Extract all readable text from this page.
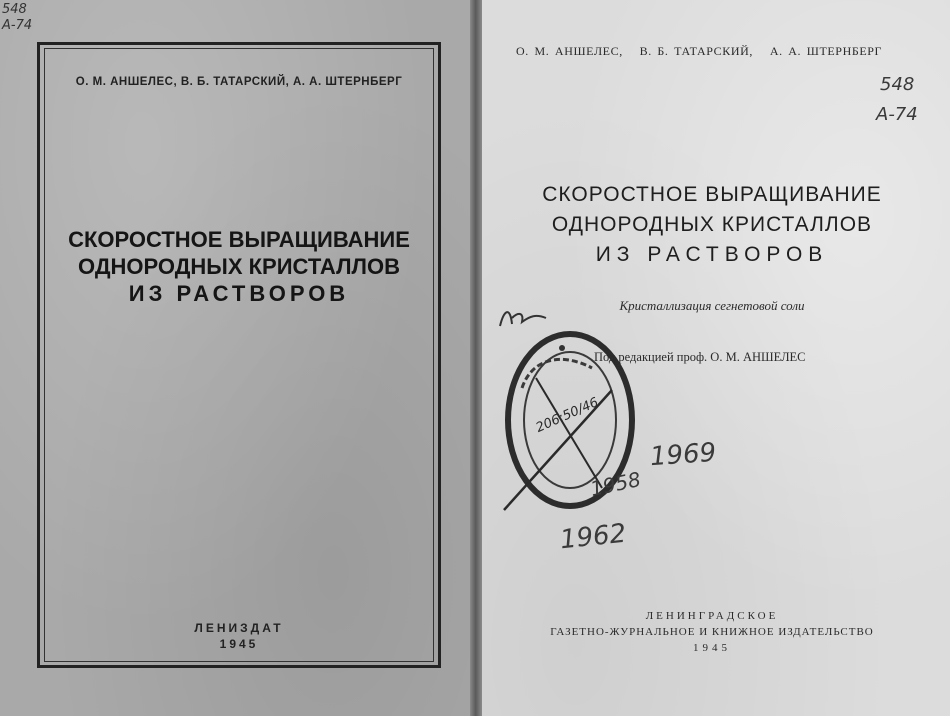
548
А-74
О. М. АНШЕЛЕС, В. Б. ТАТАРСКИЙ, А. А. ШТЕРНБЕРГ
СКОРОСТНОЕ ВЫРАЩИВАНИЕ
ОДНОРОДНЫХ КРИСТАЛЛОВ
ИЗ РАСТВОРОВ
ЛЕНИЗДАТ
1945
О. М. АНШЕЛЕС,   В. Б. ТАТАРСКИЙ,   А. А. ШТЕРНБЕРГ
548
А-74
СКОРОСТНОЕ ВЫРАЩИВАНИЕ
ОДНОРОДНЫХ КРИСТАЛЛОВ
ИЗ РАСТВОРОВ
Кристаллизация сегнетовой соли
206:50/46
Под редакцией проф. О. М. АНШЕЛЕС
1962
1958
1969
ЛЕНИНГРАДСКОЕ
ГАЗЕТНО-ЖУРНАЛЬНОЕ И КНИЖНОЕ ИЗДАТЕЛЬСТВО
1945
